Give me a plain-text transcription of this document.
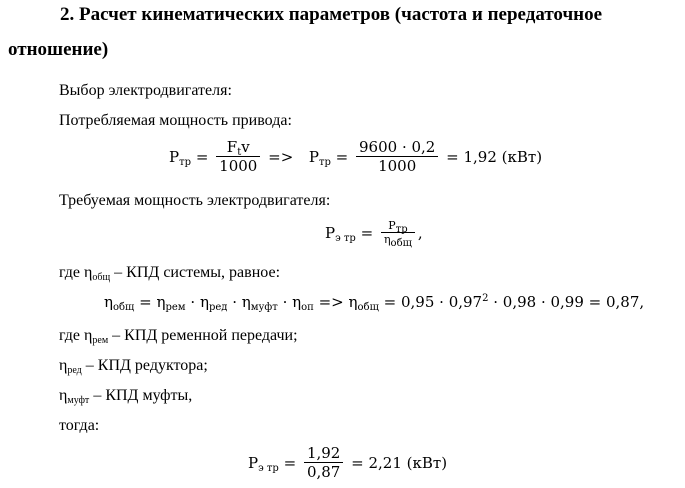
2. Расчет кинематических параметров (частота и передаточное
отношение)
Выбор электродвигателя:
Потребляемая мощность привода:
$P_{тр} = \frac{F_tv}{1000} => P_{тр} = \frac{9600 \cdot 0,2}{1000} = 1,92$ (кВт)
Требуемая мощность электродвигателя:
$P_{э тр} = \frac{P_{тр}}{\eta_{общ}}$ ,
где $\eta_{общ}$ – КПД системы, равное:
$\eta_{общ} = \eta_{рем} \cdot \eta_{ред} \cdot \eta_{муфт} \cdot \eta_{оп} => \eta_{общ} = 0,95 \cdot 0,97^2 \cdot 0,98 \cdot 0,99 = 0,87$,
где $\eta_{рем}$ – КПД ременной передачи;
$\eta_{ред}$ – КПД редуктора;
$\eta_{муфт}$ – КПД муфты,
тогда:
$P_{э тр} = \frac{1,92}{0,87} = 2,21$ (кВт)
